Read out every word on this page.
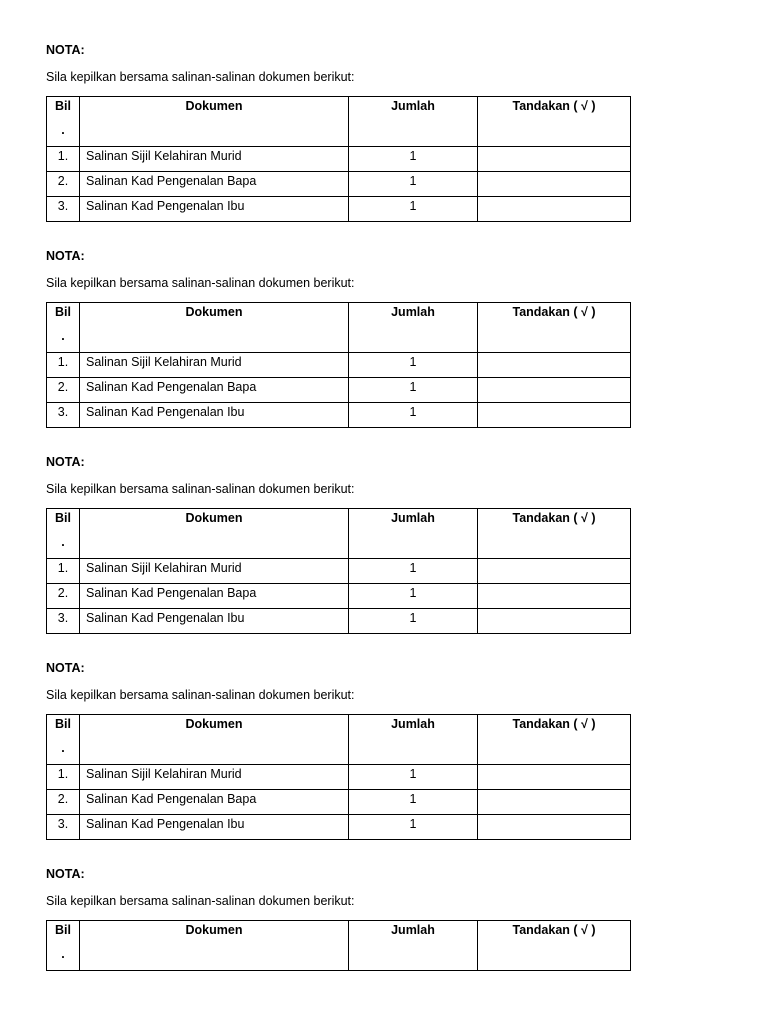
NOTA:
Sila kepilkan bersama salinan-salinan dokumen berikut:
Bil
.	Dokumen	Jumlah	Tandakan ( √ )
1.	Salinan Sijil Kelahiran Murid	1	
2.	Salinan Kad Pengenalan Bapa	1	
3.	Salinan Kad Pengenalan Ibu	1	
NOTA:
Sila kepilkan bersama salinan-salinan dokumen berikut:
Bil
.	Dokumen	Jumlah	Tandakan ( √ )
1.	Salinan Sijil Kelahiran Murid	1	
2.	Salinan Kad Pengenalan Bapa	1	
3.	Salinan Kad Pengenalan Ibu	1	
NOTA:
Sila kepilkan bersama salinan-salinan dokumen berikut:
Bil
.	Dokumen	Jumlah	Tandakan ( √ )
1.	Salinan Sijil Kelahiran Murid	1	
2.	Salinan Kad Pengenalan Bapa	1	
3.	Salinan Kad Pengenalan Ibu	1	
NOTA:
Sila kepilkan bersama salinan-salinan dokumen berikut:
Bil
.	Dokumen	Jumlah	Tandakan ( √ )
1.	Salinan Sijil Kelahiran Murid	1	
2.	Salinan Kad Pengenalan Bapa	1	
3.	Salinan Kad Pengenalan Ibu	1	
NOTA:
Sila kepilkan bersama salinan-salinan dokumen berikut:
Bil
.
	Dokumen	Jumlah	Tandakan ( √ )
